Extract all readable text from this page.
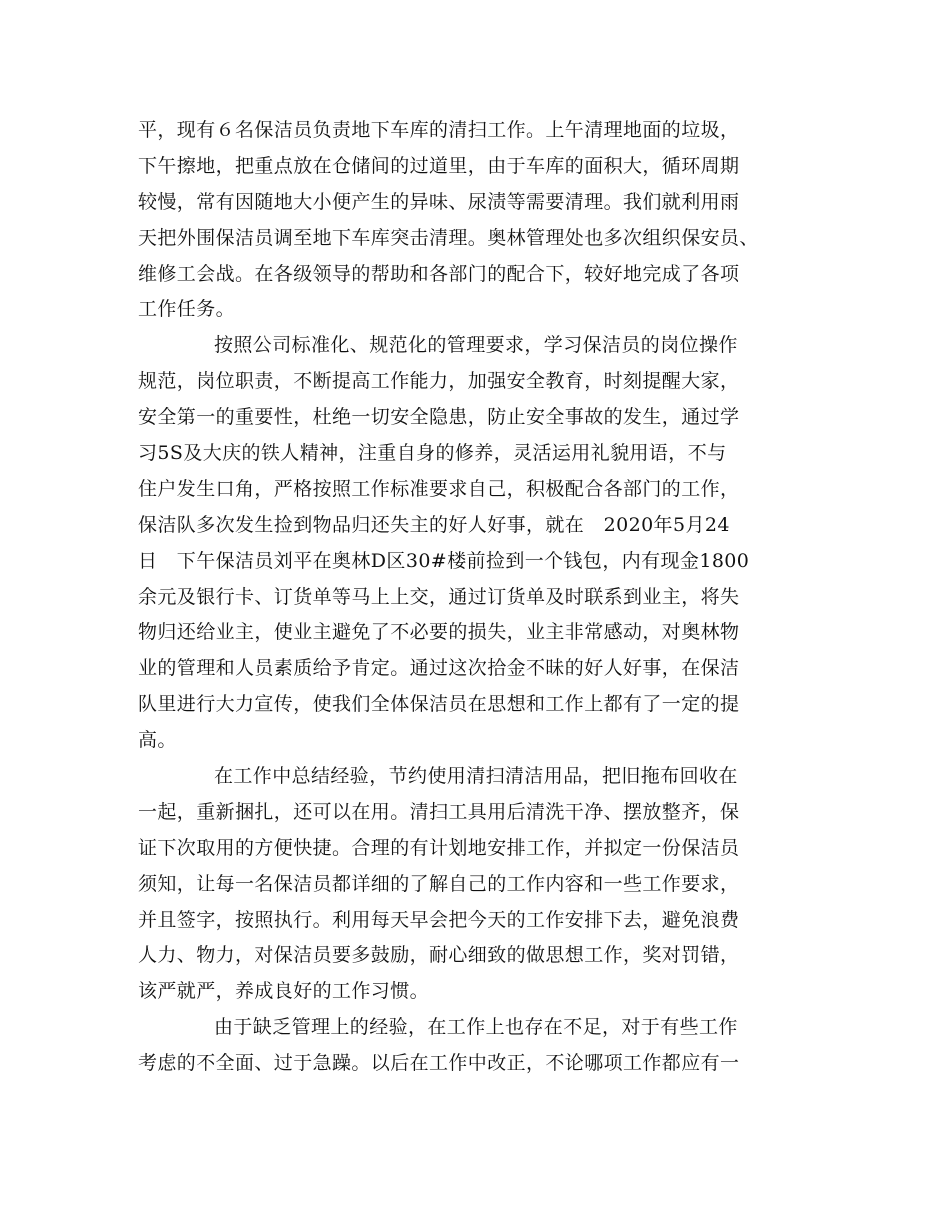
平，现有６名保洁员负责地下车库的清扫工作。上午清理地面的垃圾，
下午擦地，把重点放在仓储间的过道里，由于车库的面积大，循环周期
较慢，常有因随地大小便产生的异味、尿渍等需要清理。我们就利用雨
天把外围保洁员调至地下车库突击清理。奥林管理处也多次组织保安员、
维修工会战。在各级领导的帮助和各部门的配合下，较好地完成了各项
工作任务。
按照公司标准化、规范化的管理要求，学习保洁员的岗位操作
规范，岗位职责，不断提高工作能力，加强安全教育，时刻提醒大家，
安全第一的重要性，杜绝一切安全隐患，防止安全事故的发生，通过学
习5S及大庆的铁人精神，注重自身的修养，灵活运用礼貌用语，不与
住户发生口角，严格按照工作标准要求自己，积极配合各部门的工作，
保洁队多次发生捡到物品归还失主的好人好事，就在　2020年5月24
日　下午保洁员刘平在奥林D区30#楼前捡到一个钱包，内有现金1800
余元及银行卡、订货单等马上上交，通过订货单及时联系到业主，将失
物归还给业主，使业主避免了不必要的损失，业主非常感动，对奥林物
业的管理和人员素质给予肯定。通过这次拾金不昧的好人好事，在保洁
队里进行大力宣传，使我们全体保洁员在思想和工作上都有了一定的提
高。
在工作中总结经验，节约使用清扫清洁用品，把旧拖布回收在
一起，重新捆扎，还可以在用。清扫工具用后清洗干净、摆放整齐，保
证下次取用的方便快捷。合理的有计划地安排工作，并拟定一份保洁员
须知，让每一名保洁员都详细的了解自己的工作内容和一些工作要求，
并且签字，按照执行。利用每天早会把今天的工作安排下去，避免浪费
人力、物力，对保洁员要多鼓励，耐心细致的做思想工作，奖对罚错，
该严就严，养成良好的工作习惯。
由于缺乏管理上的经验，在工作上也存在不足，对于有些工作
考虑的不全面、过于急躁。以后在工作中改正，不论哪项工作都应有一
